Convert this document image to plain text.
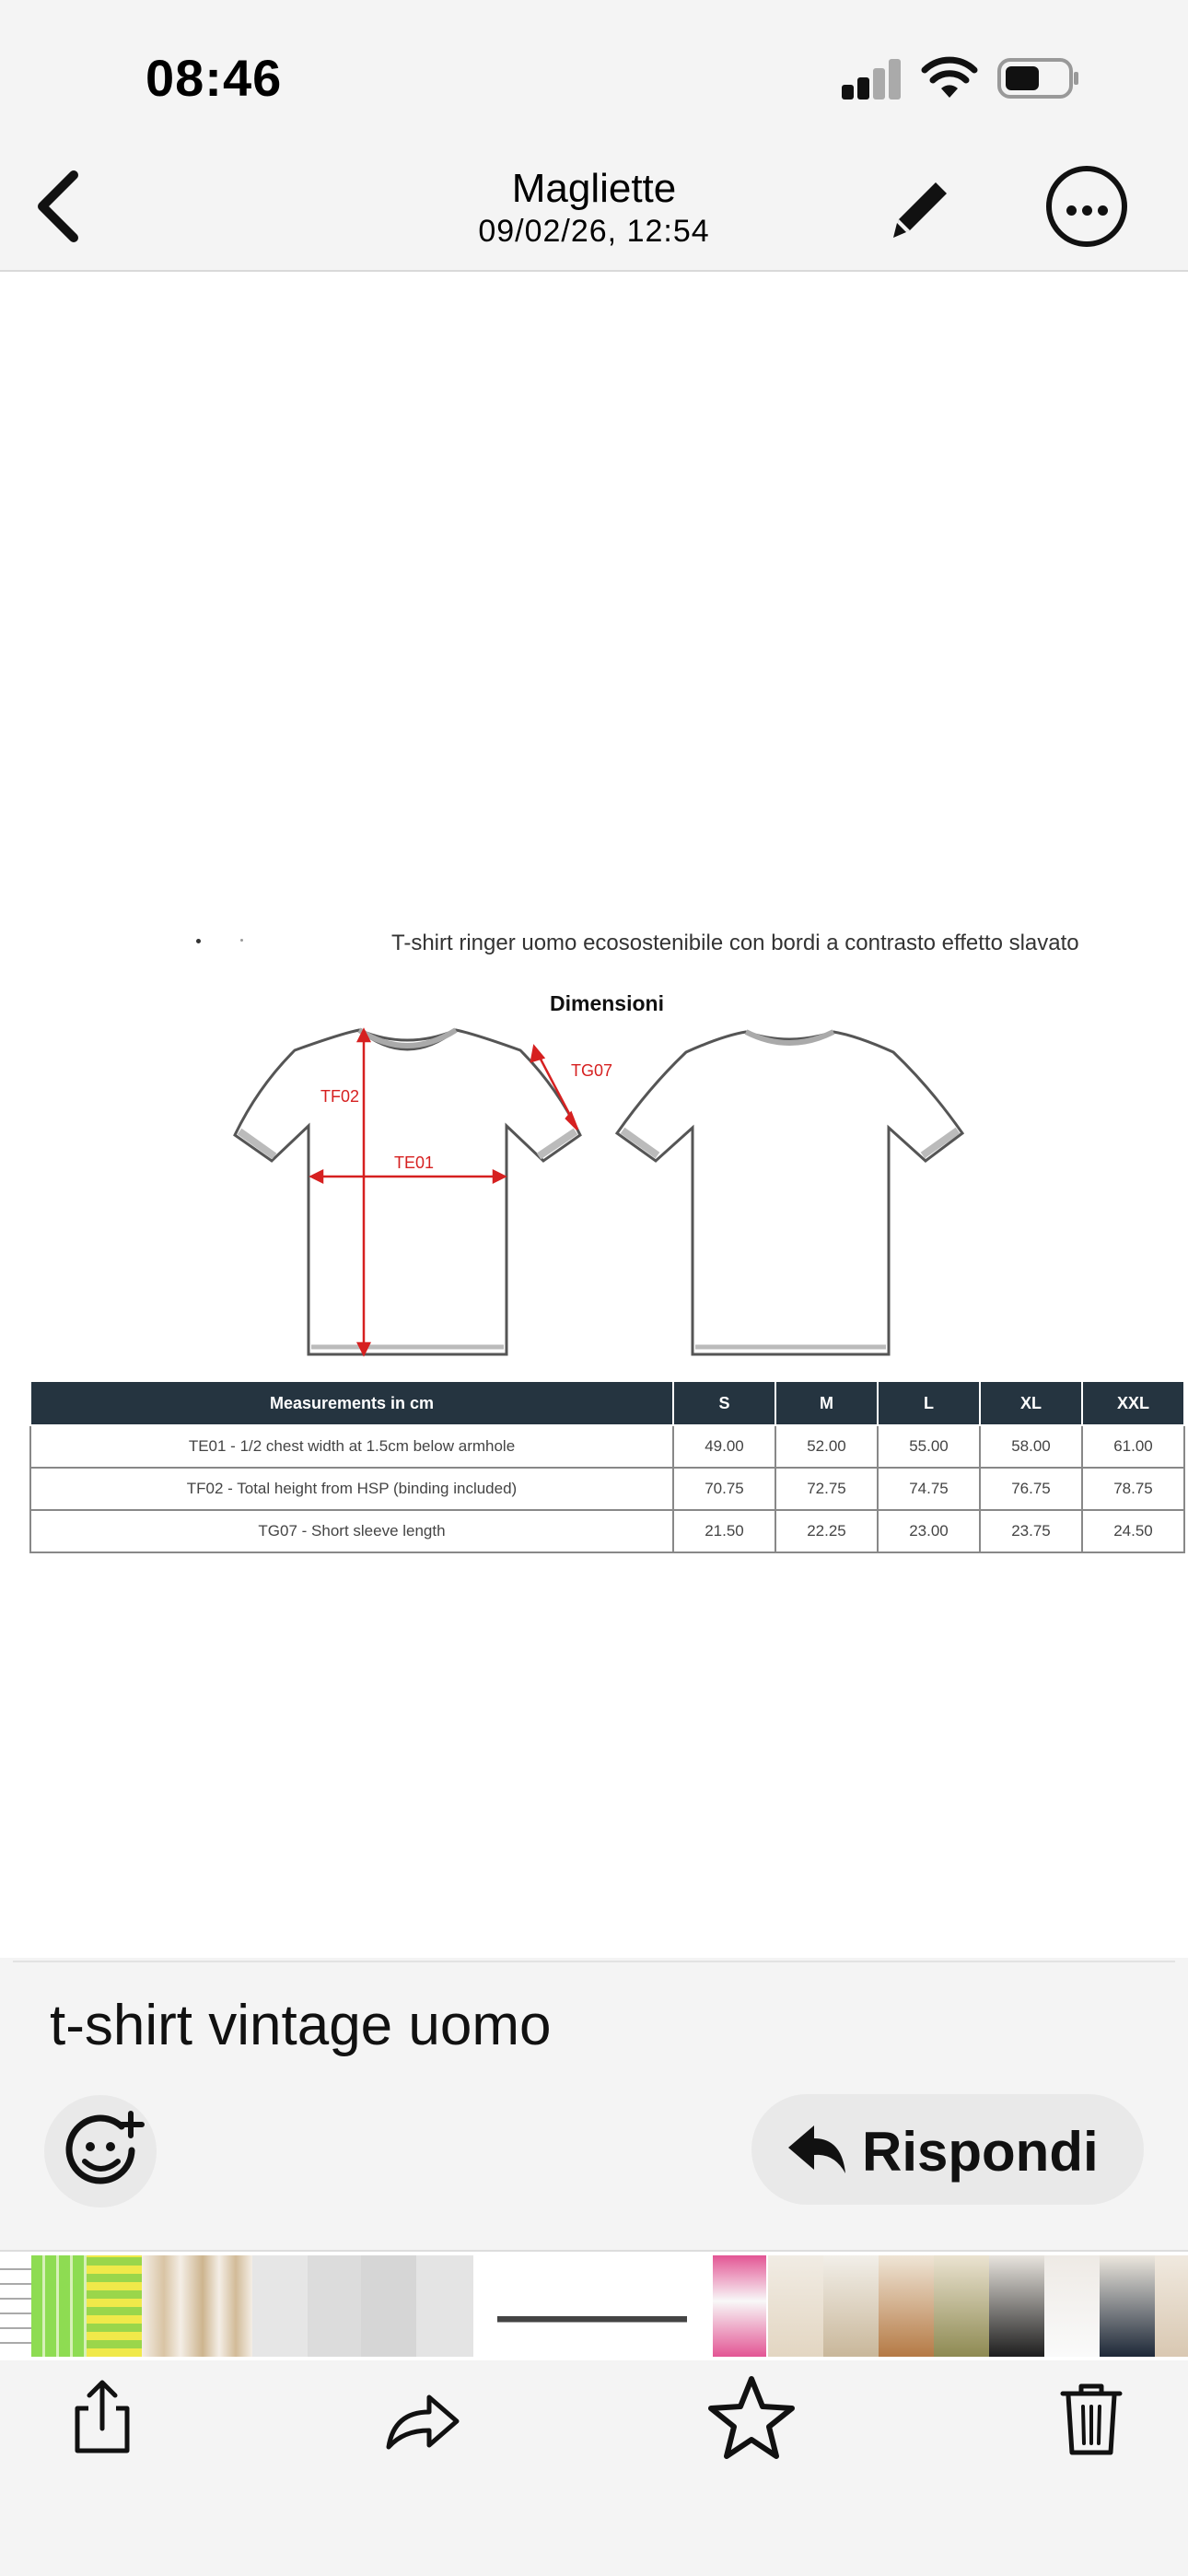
08:46
Magliette
09/02/26, 12:54
T-shirt ringer uomo ecosostenibile con bordi a contrasto effetto slavato
Dimensioni
TF02
TE01
TG07
Measurements in cm	S	M	L	XL	XXL
TE01 - 1/2 chest width at 1.5cm below armhole	49.00	52.00	55.00	58.00	61.00
TF02 - Total height from HSP (binding included)	70.75	72.75	74.75	76.75	78.75
TG07 - Short sleeve length	21.50	22.25	23.00	23.75	24.50
t-shirt vintage uomo
Rispondi
